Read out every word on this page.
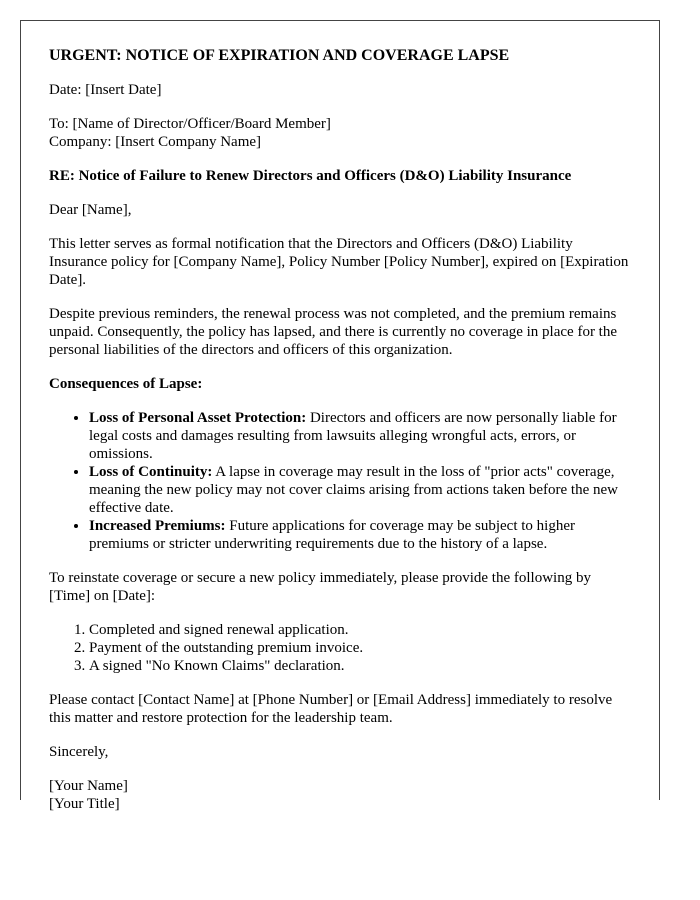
URGENT: NOTICE OF EXPIRATION AND COVERAGE LAPSE

Date: [Insert Date]

To: [Name of Director/Officer/Board Member]
Company: [Insert Company Name]

RE: Notice of Failure to Renew Directors and Officers (D&O) Liability Insurance

Dear [Name],

This letter serves as formal notification that the Directors and Officers (D&O) Liability Insurance policy for [Company Name], Policy Number [Policy Number], expired on [Expiration Date].

Despite previous reminders, the renewal process was not completed, and the premium remains unpaid. Consequently, the policy has lapsed, and there is currently no coverage in place for the personal liabilities of the directors and officers of this organization.

Consequences of Lapse:

• Loss of Personal Asset Protection: Directors and officers are now personally liable for legal costs and damages resulting from lawsuits alleging wrongful acts, errors, or omissions.
• Loss of Continuity: A lapse in coverage may result in the loss of "prior acts" coverage, meaning the new policy may not cover claims arising from actions taken before the new effective date.
• Increased Premiums: Future applications for coverage may be subject to higher premiums or stricter underwriting requirements due to the history of a lapse.

To reinstate coverage or secure a new policy immediately, please provide the following by [Time] on [Date]:

1. Completed and signed renewal application.
2. Payment of the outstanding premium invoice.
3. A signed "No Known Claims" declaration.

Please contact [Contact Name] at [Phone Number] or [Email Address] immediately to resolve this matter and restore protection for the leadership team.

Sincerely,

[Your Name]
[Your Title]
